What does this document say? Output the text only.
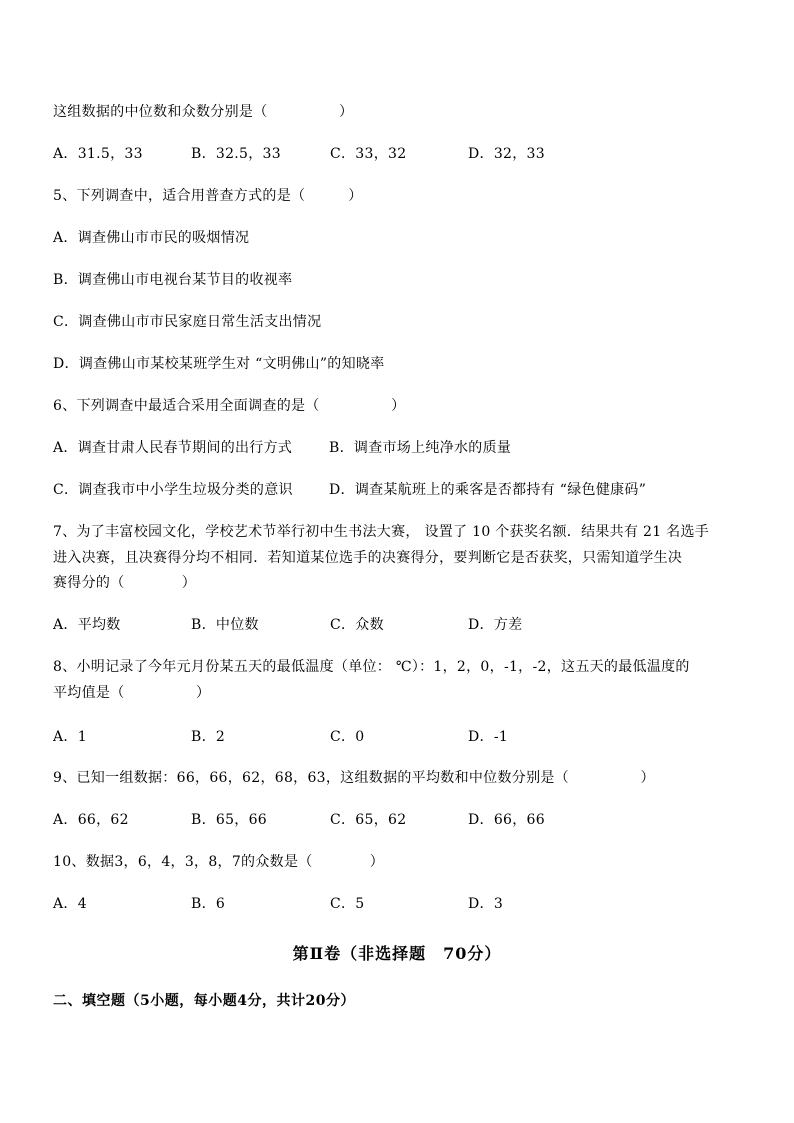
这组数据的中位数和众数分别是（　　　　　）
A．31.5，33	B．32.5，33	C．33，32	D．32，33
5、下列调查中，适合用普查方式的是（　　　）
A．调查佛山市市民的吸烟情况
B．调查佛山市电视台某节目的收视率
C．调查佛山市市民家庭日常生活支出情况
D．调查佛山市某校某班学生对 “文明佛山”的知晓率
6、下列调查中最适合采用全面调查的是（　　　　　）
A．调查甘肃人民春节期间的出行方式	B．调查市场上纯净水的质量
C．调查我市中小学生垃圾分类的意识	D．调查某航班上的乘客是否都持有 “绿色健康码”
7、为了丰富校园文化，学校艺术节举行初中生书法大赛， 设置了 10 个获奖名额．结果共有 21 名选手
进入决赛，且决赛得分均不相同．若知道某位选手的决赛得分，要判断它是否获奖，只需知道学生决
赛得分的（　　　　）
A．平均数	B．中位数	C．众数	D．方差
8、小明记录了今年元月份某五天的最低温度（单位： ℃）：1，2，0，-1，-2，这五天的最低温度的
平均值是（　　　　　）
A．1	B．2	C．0	D．-1
9、已知一组数据：66，66，62，68，63，这组数据的平均数和中位数分别是（　　　　　）
A．66，62	B．65，66	C．65，62	D．66，66
10、数据3，6，4，3，8，7的众数是（　　　　）
A．4	B．6	C．5	D．3
第Ⅱ卷（非选择题　70分）
二、填空题（5小题，每小题4分，共计20分）
